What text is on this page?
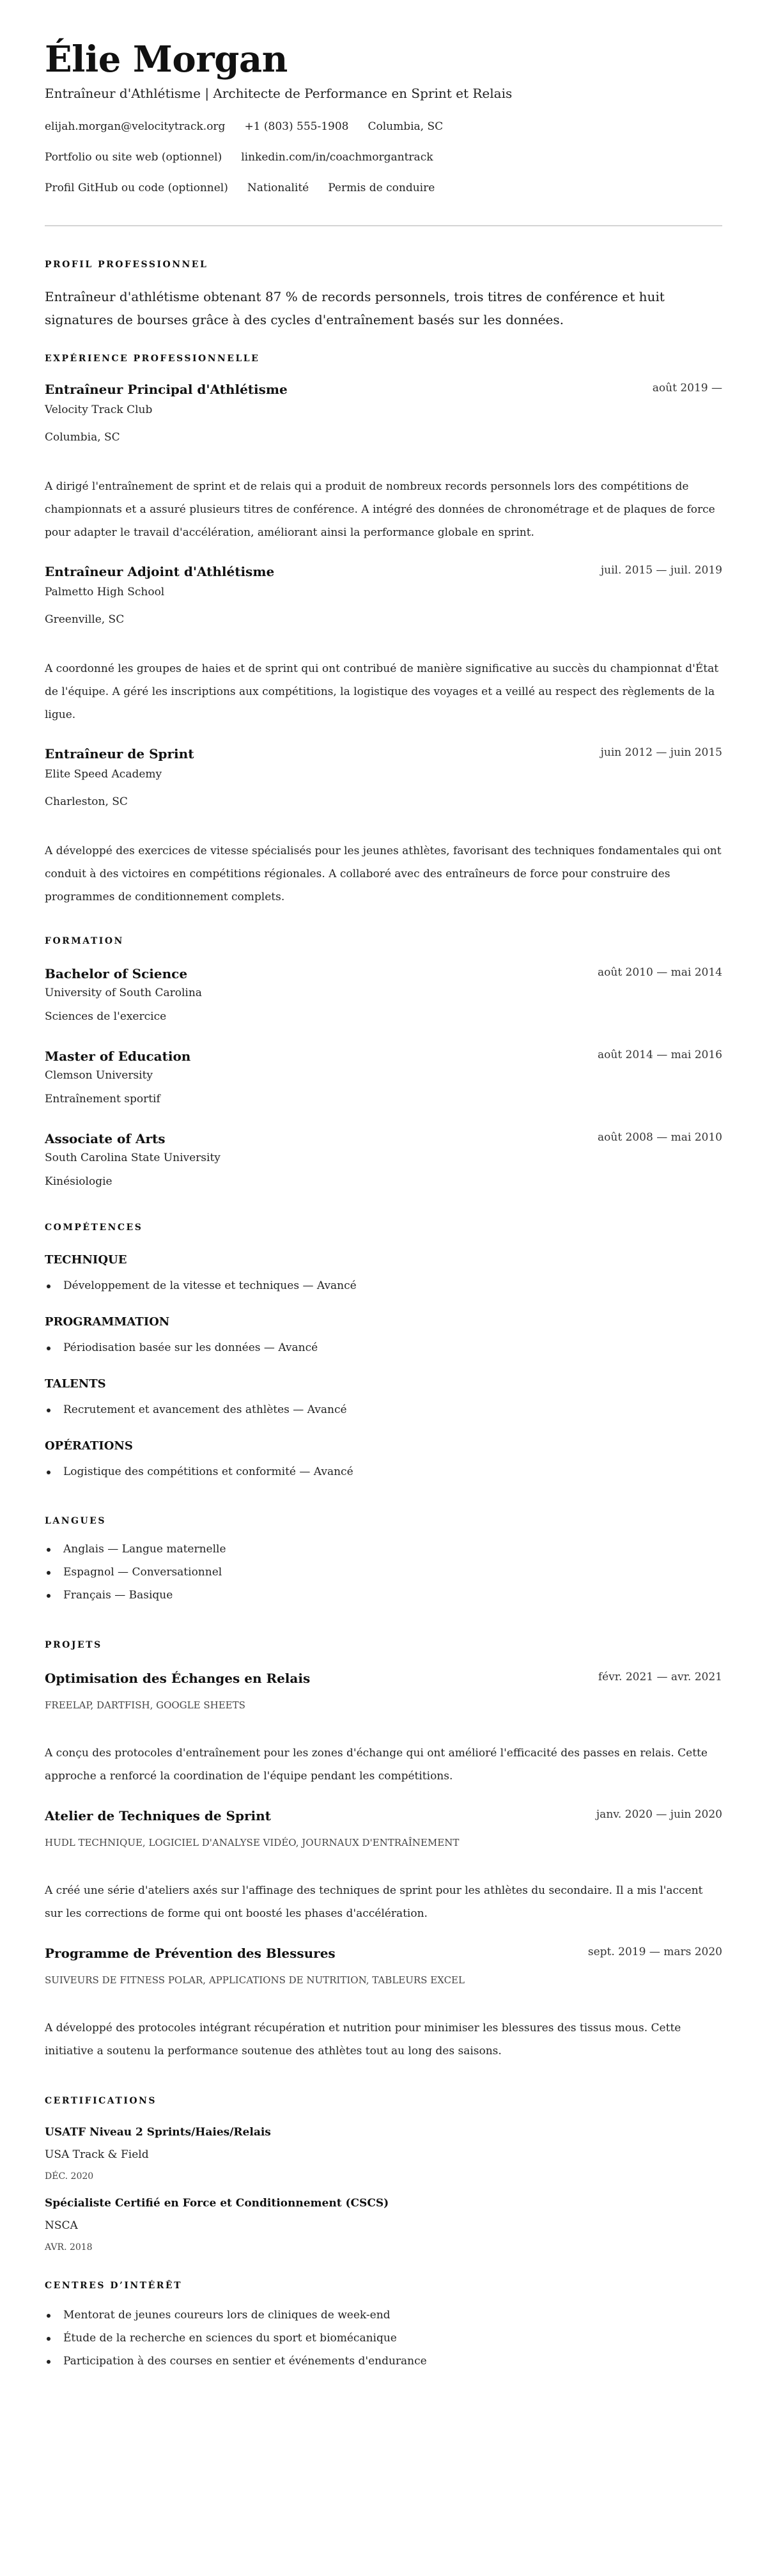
Élie Morgan
Entraîneur d'Athlétisme | Architecte de Performance en Sprint et Relais
elijah.morgan@velocitytrack.org +1 (803) 555-1908 Columbia, SC
Portfolio ou site web (optionnel) linkedin.com/in/coachmorgantrack
Profil GitHub ou code (optionnel) Nationalité Permis de conduire
PROFIL PROFESSIONNEL

Entraîneur d'athlétisme obtenant 87 % de records personnels, trois titres de conférence et huit signatures de bourses grâce à des cycles d'entraînement basés sur les données.

EXPÉRIENCE PROFESSIONNELLE
Entraîneur Principal d'Athlétisme	août 2019 —
Velocity Track Club
Columbia, SC

A dirigé l'entraînement de sprint et de relais qui a produit de nombreux records personnels lors des compétitions de championnats et a assuré plusieurs titres de conférence. A intégré des données de chronométrage et de plaques de force pour adapter le travail d'accélération, améliorant ainsi la performance globale en sprint.

Entraîneur Adjoint d'Athlétisme	juil. 2015 — juil. 2019
Palmetto High School
Greenville, SC

A coordonné les groupes de haies et de sprint qui ont contribué de manière significative au succès du championnat d'État de l'équipe. A géré les inscriptions aux compétitions, la logistique des voyages et a veillé au respect des règlements de la ligue.

Entraîneur de Sprint	juin 2012 — juin 2015
Elite Speed Academy
Charleston, SC

A développé des exercices de vitesse spécialisés pour les jeunes athlètes, favorisant des techniques fondamentales qui ont conduit à des victoires en compétitions régionales. A collaboré avec des entraîneurs de force pour construire des programmes de conditionnement complets.

FORMATION
Bachelor of Science	août 2010 — mai 2014
University of South Carolina
Sciences de l'exercice
Master of Education	août 2014 — mai 2016
Clemson University
Entraînement sportif
Associate of Arts	août 2008 — mai 2010
South Carolina State University
Kinésiologie
COMPÉTENCES
TECHNIQUE
Développement de la vitesse et techniques — Avancé
PROGRAMMATION
Périodisation basée sur les données — Avancé
TALENTS
Recrutement et avancement des athlètes — Avancé
OPÉRATIONS
Logistique des compétitions et conformité — Avancé
LANGUES
Anglais — Langue maternelle
Espagnol — Conversationnel
Français — Basique
PROJETS
Optimisation des Échanges en Relais	févr. 2021 — avr. 2021
FREELAP, DARTFISH, GOOGLE SHEETS

A conçu des protocoles d'entraînement pour les zones d'échange qui ont amélioré l'efficacité des passes en relais. Cette approche a renforcé la coordination de l'équipe pendant les compétitions.

Atelier de Techniques de Sprint	janv. 2020 — juin 2020
HUDL TECHNIQUE, LOGICIEL D'ANALYSE VIDÉO, JOURNAUX D'ENTRAÎNEMENT

A créé une série d'ateliers axés sur l'affinage des techniques de sprint pour les athlètes du secondaire. Il a mis l'accent sur les corrections de forme qui ont boosté les phases d'accélération.

Programme de Prévention des Blessures	sept. 2019 — mars 2020
SUIVEURS DE FITNESS POLAR, APPLICATIONS DE NUTRITION, TABLEURS EXCEL

A développé des protocoles intégrant récupération et nutrition pour minimiser les blessures des tissus mous. Cette initiative a soutenu la performance soutenue des athlètes tout au long des saisons.

CERTIFICATIONS
USATF Niveau 2 Sprints/Haies/Relais
USA Track & Field
DÉC. 2020
Spécialiste Certifié en Force et Conditionnement (CSCS)
NSCA
AVR. 2018
CENTRES D’INTÉRÊT
Mentorat de jeunes coureurs lors de cliniques de week-end
Étude de la recherche en sciences du sport et biomécanique
Participation à des courses en sentier et événements d'endurance
